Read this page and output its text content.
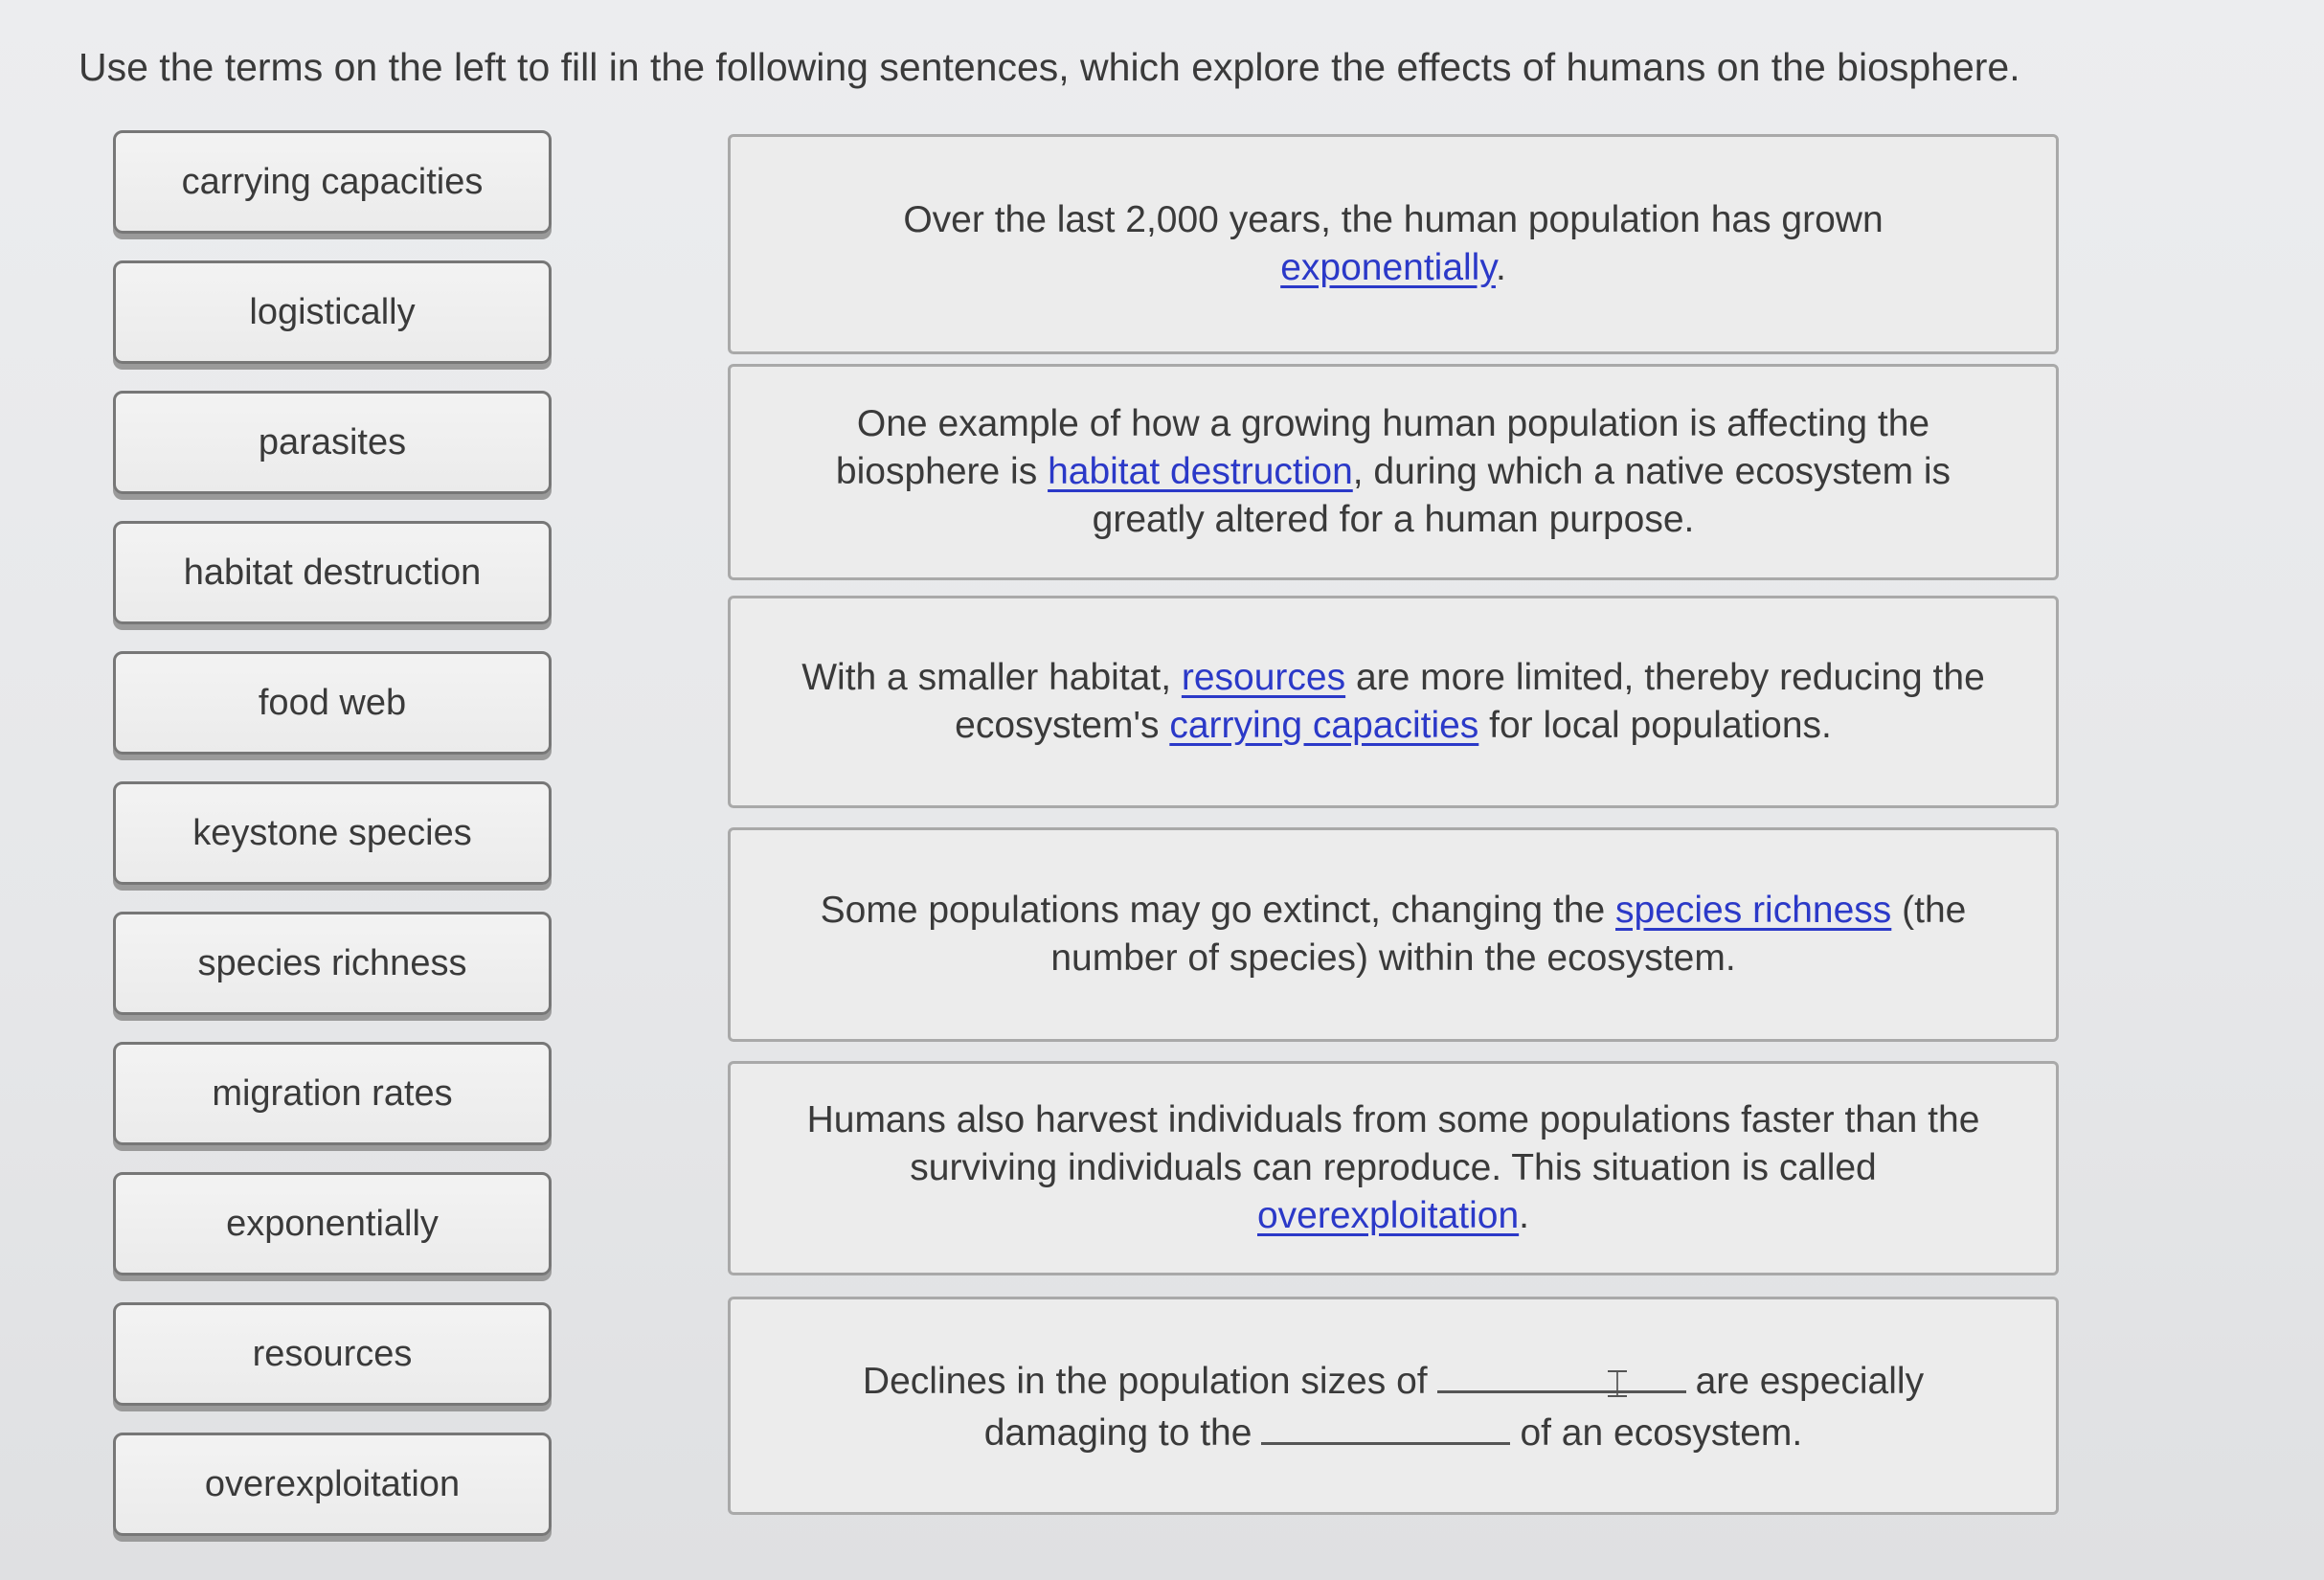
Use the terms on the left to fill in the following sentences, which explore the effects of humans on the biosphere.
carrying capacities
logistically
parasites
habitat destruction
food web
keystone species
species richness
migration rates
exponentially
resources
overexploitation

Over the last 2,000 years, the human population has grown exponentially.

One example of how a growing human population is affecting the biosphere is habitat destruction, during which a native ecosystem is greatly altered for a human purpose.

With a smaller habitat, resources are more limited, thereby reducing the ecosystem's carrying capacities for local populations.

Some populations may go extinct, changing the species richness (the number of species) within the ecosystem.

Humans also harvest individuals from some populations faster than the surviving individuals can reproduce. This situation is called overexploitation.

Declines in the population sizes of	are especially damaging to the	of an ecosystem.

⌶
